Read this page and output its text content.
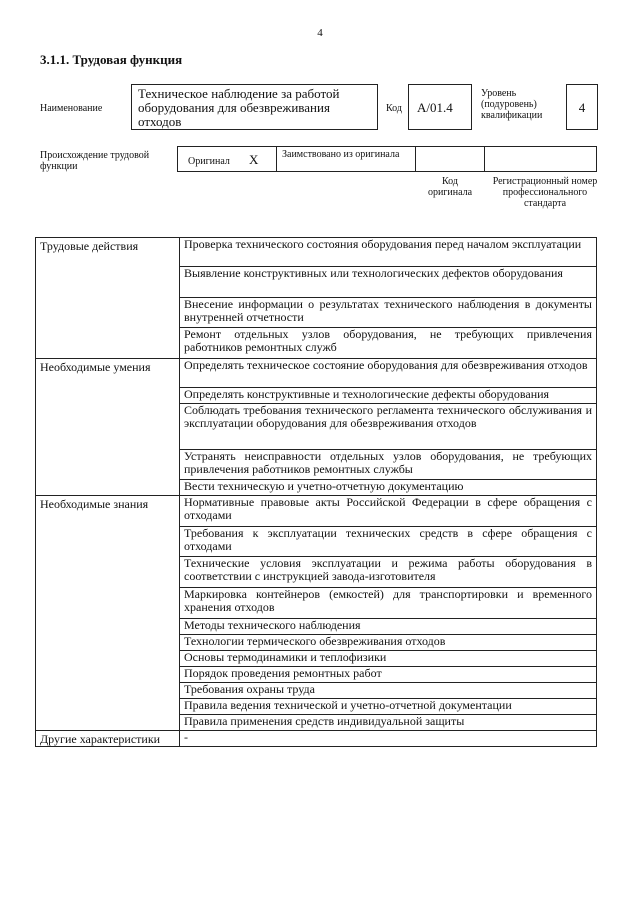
4
3.1.1. Трудовая функция
Наименование
Техническое наблюдение за работой оборудования для обезвреживания отходов
Код А/01.4
Уровень (подуровень) квалификации
4
Происхождение трудовой функции	Оригинал Х Заимствовано из оригинала
Код оригинала
Регистрационный номер профессионального стандарта
Трудовые действия	Проверка технического состояния оборудования перед началом эксплуатации
	Выявление конструктивных или технологических дефектов оборудования
	Внесение информации о результатах технического наблюдения в документы внутренней отчетности
	Ремонт отдельных узлов оборудования, не требующих привлечения работников ремонтных служб
Необходимые умения	Определять техническое состояние оборудования для обезвреживания отходов
	Определять конструктивные и технологические дефекты оборудования
	Соблюдать требования технического регламента технического обслуживания и эксплуатации оборудования для обезвреживания отходов
	Устранять неисправности отдельных узлов оборудования, не требующих привлечения работников ремонтных службы
	Вести техническую и учетно-отчетную документацию
Необходимые знания	Нормативные правовые акты Российской Федерации в сфере обращения с отходами
	Требования к эксплуатации технических средств в сфере обращения с отходами
	Технические условия эксплуатации и режима работы оборудования в соответствии с инструкцией завода-изготовителя
	Маркировка контейнеров (емкостей) для транспортировки и временного хранения отходов
	Методы технического наблюдения
	Технологии термического обезвреживания отходов
	Основы термодинамики и теплофизики
	Порядок проведения ремонтных работ
	Требования охраны труда
	Правила ведения технической и учетно-отчетной документации
	Правила применения средств индивидуальной защиты
Другие характеристики	-
